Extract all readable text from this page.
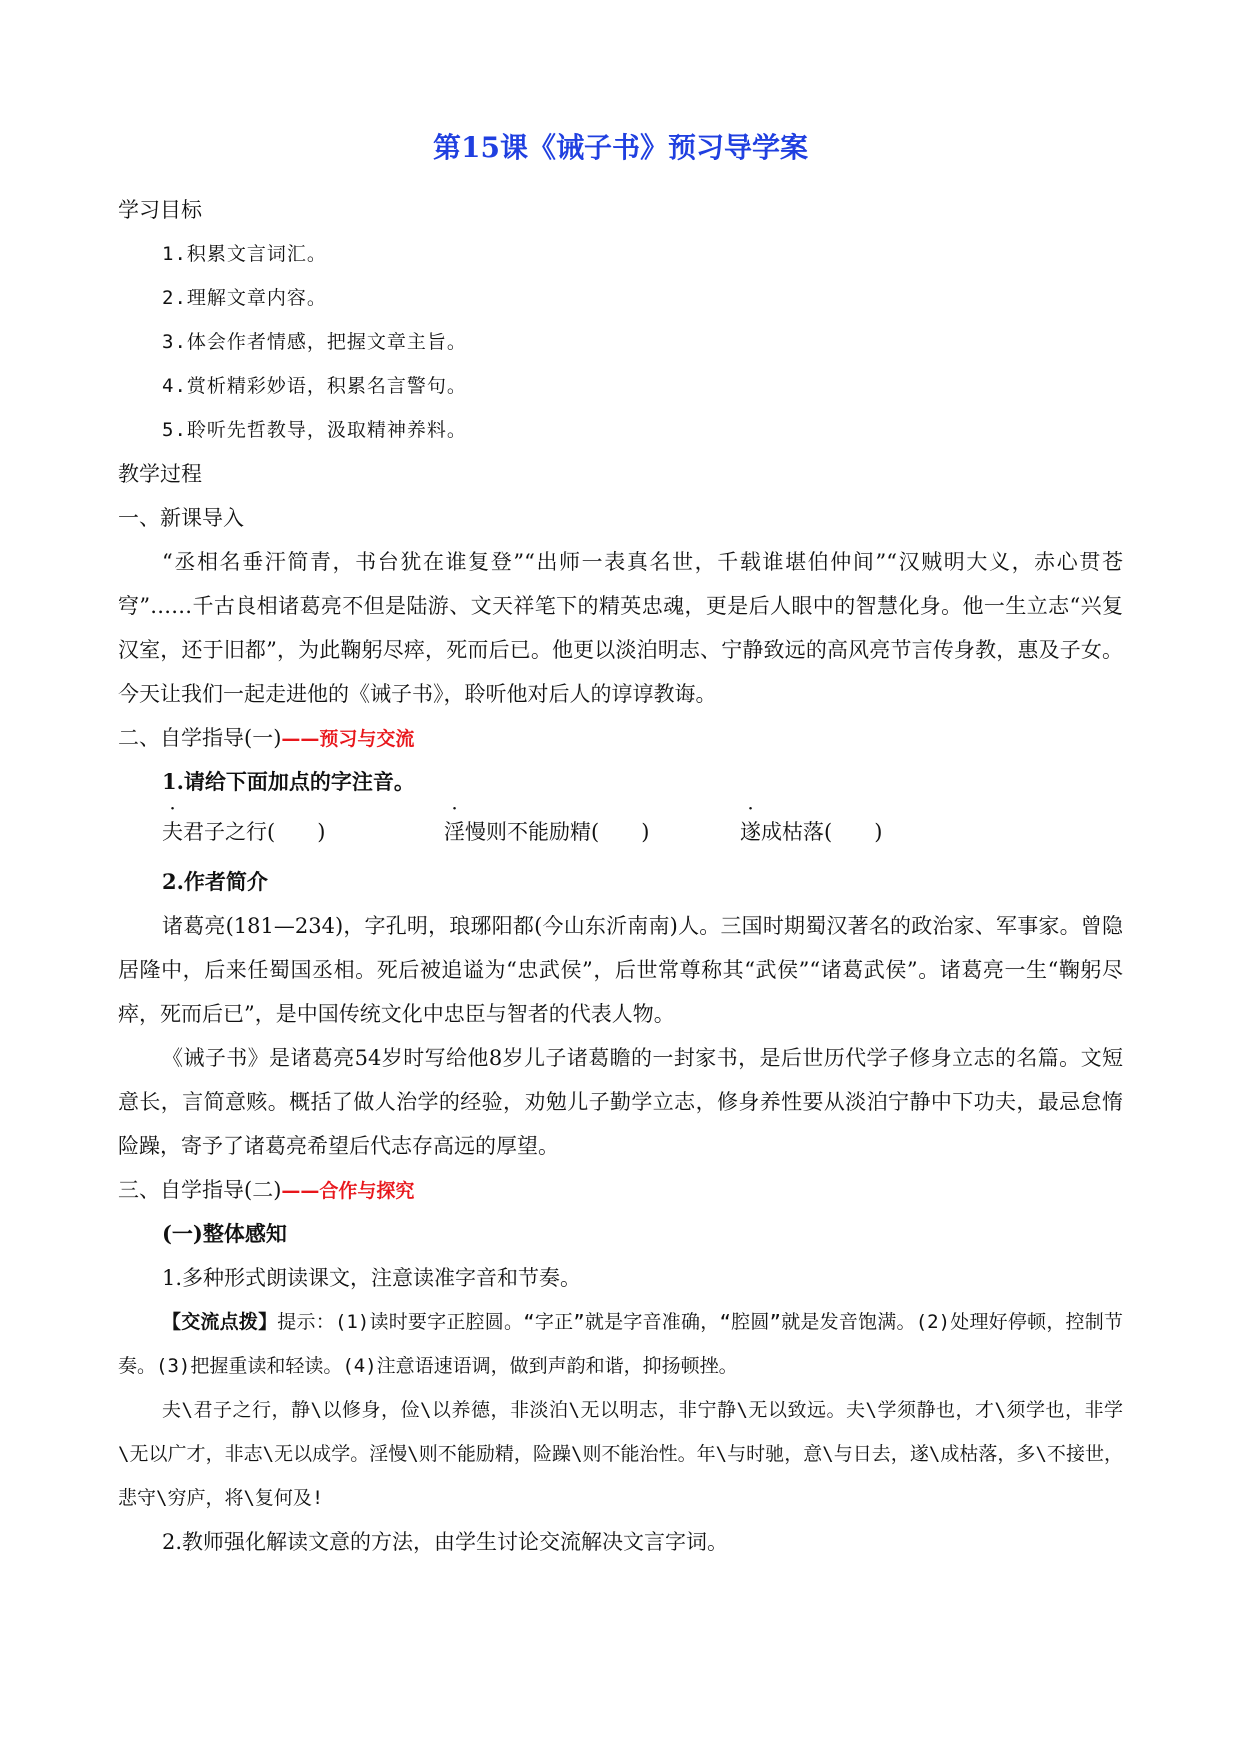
第15课《诫子书》预习导学案

学习目标

1.积累文言词汇。

2.理解文章内容。

3.体会作者情感，把握文章主旨。

4.赏析精彩妙语，积累名言警句。

5.聆听先哲教导，汲取精神养料。

教学过程

一、新课导入

“丞相名垂汗简青，书台犹在谁复登”“出师一表真名世，千载谁堪伯仲间”“汉贼明大义，赤心贯苍穹”……千古良相诸葛亮不但是陆游、文天祥笔下的精英忠魂，更是后人眼中的智慧化身。他一生立志“兴复汉室，还于旧都”，为此鞠躬尽瘁，死而后已。他更以淡泊明志、宁静致远的高风亮节言传身教，惠及子女。今天让我们一起走进他的《诫子书》，聆听他对后人的谆谆教诲。

二、自学指导(一)——预习与交流

1.请给下面加点的字注音。

夫君子之行(　　)	淫慢则不能励精(　　)	遂成枯落(　　)

2.作者简介

诸葛亮(181—234)，字孔明，琅琊阳都(今山东沂南南)人。三国时期蜀汉著名的政治家、军事家。曾隐居隆中，后来任蜀国丞相。死后被追谥为“忠武侯”，后世常尊称其“武侯”“诸葛武侯”。诸葛亮一生“鞠躬尽瘁，死而后已”，是中国传统文化中忠臣与智者的代表人物。

《诫子书》是诸葛亮54岁时写给他8岁儿子诸葛瞻的一封家书，是后世历代学子修身立志的名篇。文短意长，言简意赅。概括了做人治学的经验，劝勉儿子勤学立志，修身养性要从淡泊宁静中下功夫，最忌怠惰险躁，寄予了诸葛亮希望后代志存高远的厚望。

三、自学指导(二)——合作与探究

(一)整体感知

1.多种形式朗读课文，注意读准字音和节奏。

【交流点拨】提示：(1)读时要字正腔圆。“字正”就是字音准确，“腔圆”就是发音饱满。(2)处理好停顿，控制节奏。(3)把握重读和轻读。(4)注意语速语调，做到声韵和谐，抑扬顿挫。

夫\君子之行，静\以修身，俭\以养德，非淡泊\无以明志，非宁静\无以致远。夫\学须静也，才\须学也，非学\无以广才，非志\无以成学。淫慢\则不能励精，险躁\则不能治性。年\与时驰，意\与日去，遂\成枯落，多\不接世，悲守\穷庐，将\复何及!

2.教师强化解读文意的方法，由学生讨论交流解决文言字词。
